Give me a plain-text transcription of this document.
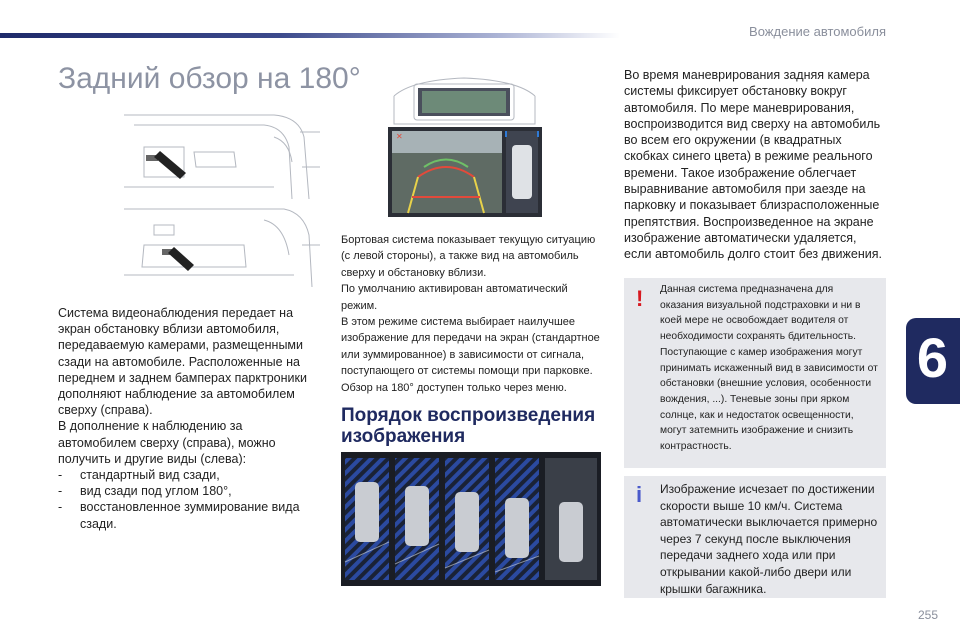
Вождение автомобиля
6
Задний обзор на 180°

Система видеонаблюдения передает на экран обстановку вблизи автомобиля, передаваемую камерами, размещенными сзади на автомобиле. Расположенные на переднем и заднем бамперах парктроники дополняют наблюдение за автомобилем сверху (справа).

В дополнение к наблюдению за автомобилем сверху (справа), можно получить и другие виды (слева):

- стандартный вид сзади,
- вид сзади под углом 180°,
- восстановленное зуммирование вида сзади.
✕

Бортовая система показывает текущую ситуацию (с левой стороны), а также вид на автомобиль сверху и обстановку вблизи.

По умолчанию активирован автоматический режим.

В этом режиме система выбирает наилучшее изображение для передачи на экран (стандартное или зуммированное) в зависимости от сигнала, поступающего от системы помощи при парковке.

Обзор на 180° доступен только через меню.

Порядок воспроизведения изображения

Во время маневрирования задняя камера системы фиксирует обстановку вокруг автомобиля. По мере маневрирования, воспроизводится вид сверху на автомобиль во всем его окружении (в квадратных скобках синего цвета) в режиме реального времени. Такое изображение облегчает выравнивание автомобиля при заезде на парковку и показывает близрасположенные препятствия. Воспроизведенное на экране изображение автоматически удаляется, если автомобиль долго стоит без движения.

! Данная система предназначена для оказания визуальной подстраховки и ни в коей мере не освобождает водителя от необходимости сохранять бдительность. Поступающие с камер изображения могут принимать искаженный вид в зависимости от обстановки (внешние условия, особенности вождения, ...). Теневые зоны при ярком солнце, как и недостаток освещенности, могут затемнить изображение и снизить контрастность.

i Изображение исчезает по достижении скорости выше 10 км/ч. Система автоматически выключается примерно через 7 секунд после выключения передачи заднего хода или при открывании какой-либо двери или крышки багажника.

255
